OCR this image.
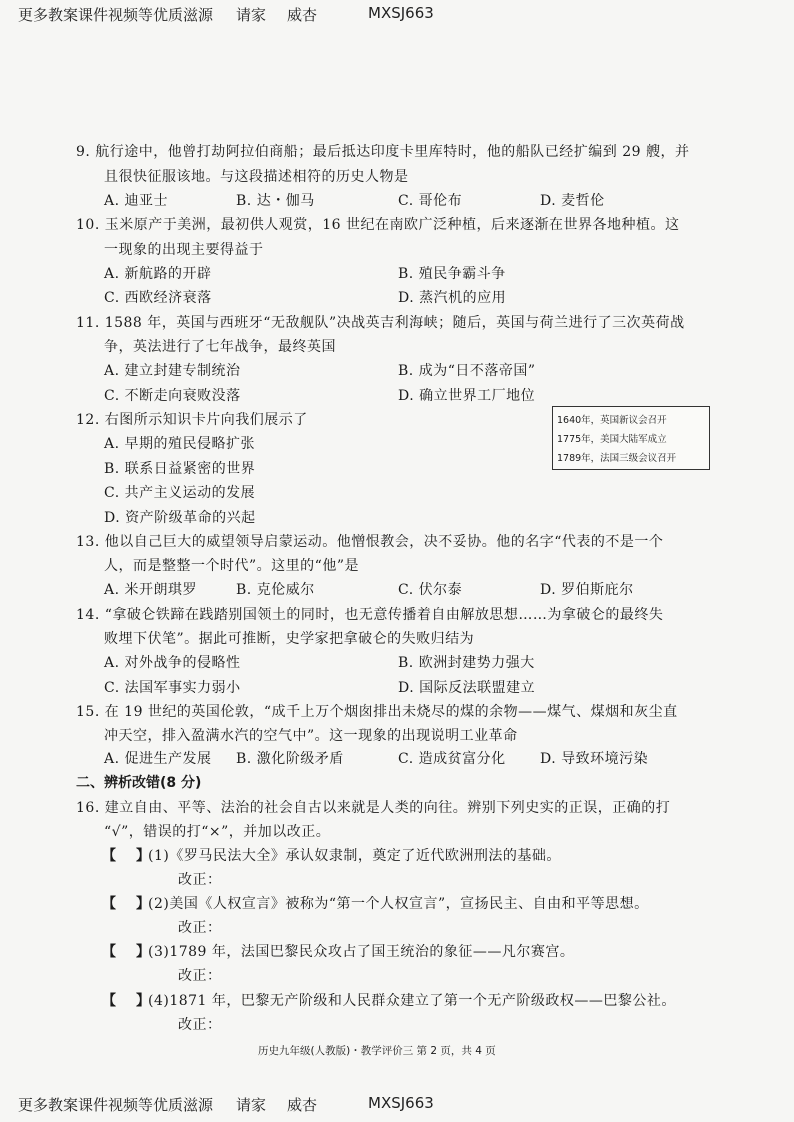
更多教案课件视频等优质滋源 请家 威杏	MXSJ663
9. 航行途中，他曾打劫阿拉伯商船；最后抵达印度卡里库特时，他的船队已经扩编到 29 艘，并
且很快征服该地。与这段描述相符的历史人物是
A. 迪亚士	B. 达・伽马	C. 哥伦布	D. 麦哲伦
10. 玉米原产于美洲，最初供人观赏，16 世纪在南欧广泛种植，后来逐渐在世界各地种植。这
一现象的出现主要得益于
A. 新航路的开辟	B. 殖民争霸斗争
C. 西欧经济衰落	D. 蒸汽机的应用
11. 1588 年，英国与西班牙“无敌舰队”决战英吉利海峡；随后，英国与荷兰进行了三次英荷战
争，英法进行了七年战争，最终英国
A. 建立封建专制统治	B. 成为“日不落帝国”
C. 不断走向衰败没落	D. 确立世界工厂地位
12. 右图所示知识卡片向我们展示了
A. 早期的殖民侵略扩张
B. 联系日益紧密的世界
C. 共产主义运动的发展
D. 资产阶级革命的兴起
1640年，英国新议会召开
1775年，美国大陆军成立
1789年，法国三级会议召开
13. 他以自己巨大的威望领导启蒙运动。他憎恨教会，决不妥协。他的名字“代表的不是一个
人，而是整整一个时代”。这里的“他”是
A. 米开朗琪罗	B. 克伦威尔	C. 伏尔泰	D. 罗伯斯庇尔
14. “拿破仑铁蹄在践踏别国领土的同时，也无意传播着自由解放思想……为拿破仑的最终失
败埋下伏笔”。据此可推断，史学家把拿破仑的失败归结为
A. 对外战争的侵略性	B. 欧洲封建势力强大
C. 法国军事实力弱小	D. 国际反法联盟建立
15. 在 19 世纪的英国伦敦，“成千上万个烟囱排出未烧尽的煤的余物——煤气、煤烟和灰尘直
冲天空，排入盈满水汽的空气中”。这一现象的出现说明工业革命
A. 促进生产发展 B. 激化阶级矛盾	C. 造成贫富分化 D. 导致环境污染
二、辨析改错(8 分)
16. 建立自由、平等、法治的社会自古以来就是人类的向往。辨别下列史实的正误，正确的打
“√”，错误的打“×”，并加以改正。
【 】
(1)《罗马民法大全》承认奴隶制，奠定了近代欧洲刑法的基础。
改正：
【 】
(2)美国《人权宣言》被称为“第一个人权宣言”，宣扬民主、自由和平等思想。
改正：
【 】
(3)1789 年，法国巴黎民众攻占了国王统治的象征——凡尔赛宫。
改正：
【 】
(4)1871 年，巴黎无产阶级和人民群众建立了第一个无产阶级政权——巴黎公社。
改正：
历史九年级(人教版)・教学评价三 第 2 页，共 4 页
更多教案课件视频等优质滋源 请家 威杏	MXSJ663
